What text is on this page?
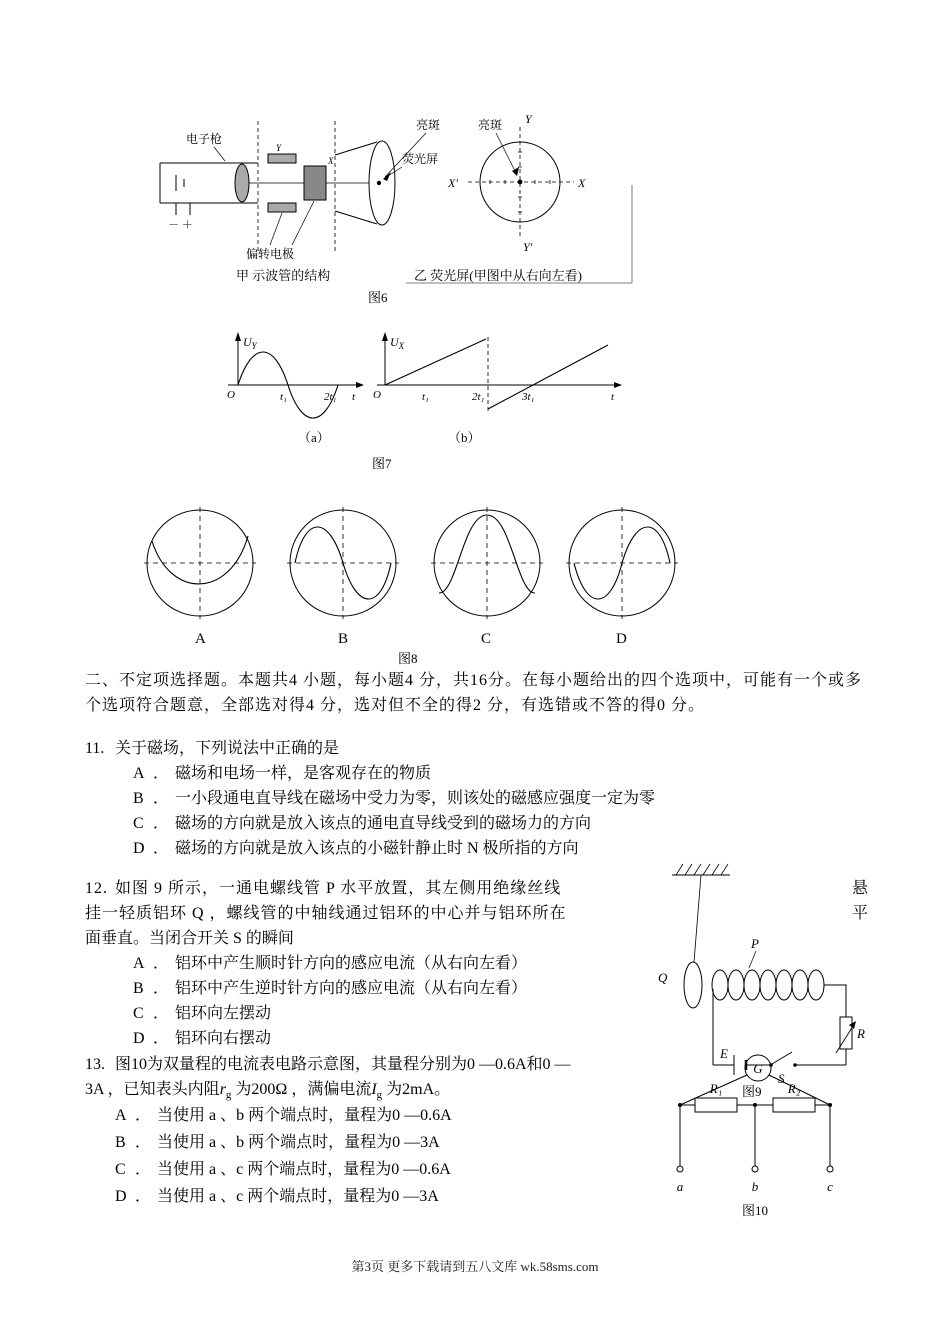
电子枪
－ ＋
Y
X
偏转电极
荧光屏
亮斑	亮斑 Y
Y′
X′	X
甲 示波管的结构	乙 荧光屏(甲图中从右向左看)
图6
O
$U_Y$
t₁	2t₁ t O
$U_X$
t₁	2t₁	3t₁	t
（a）	（b）
图7
A	B	C	D
图8
二、不定项选择题。本题共4 小题，每小题4 分，共16分。在每小题给出的四个选项中，可能有一个或多
个选项符合题意，全部选对得4 分，选对但不全的得2 分，有选错或不答的得0 分。
11. 关于磁场，下列说法中正确的是
A ． 磁场和电场一样，是客观存在的物质
B ． 一小段通电直导线在磁场中受力为零，则该处的磁感应强度一定为零
C ． 磁场的方向就是放入该点的通电直导线受到的磁场力的方向
D ． 磁场的方向就是放入该点的小磁针静止时 N 极所指的方向
12. 如图 9 所示，一通电螺线管 P 水平放置，其左侧用绝缘丝线
挂一轻质铝环 Q ，螺线管的中轴线通过铝环的中心并与铝环所在
面垂直。当闭合开关 S 的瞬间
A ． 铝环中产生顺时针方向的感应电流（从右向左看）
B ． 铝环中产生逆时针方向的感应电流（从右向左看）
C ． 铝环向左摆动
D ． 铝环向右摆动
悬
平
Q
P
E
S
R
图9
13. 图10为双量程的电流表电路示意图，其量程分别为0 —0.6A和0 —
3A ，已知表头内阻$r_g$ 为200Ω ，满偏电流$I_g$ 为2mA。
A ． 当使用 a 、b 两个端点时，量程为0 —0.6A
B ． 当使用 a 、b 两个端点时，量程为0 —3A
C ． 当使用 a 、c 两个端点时，量程为0 —0.6A
D ． 当使用 a 、c 两个端点时，量程为0 —3A
G
R₁	R₂
a	b	c
图10
第3页 更多下载请到五八文库 wk.58sms.com
